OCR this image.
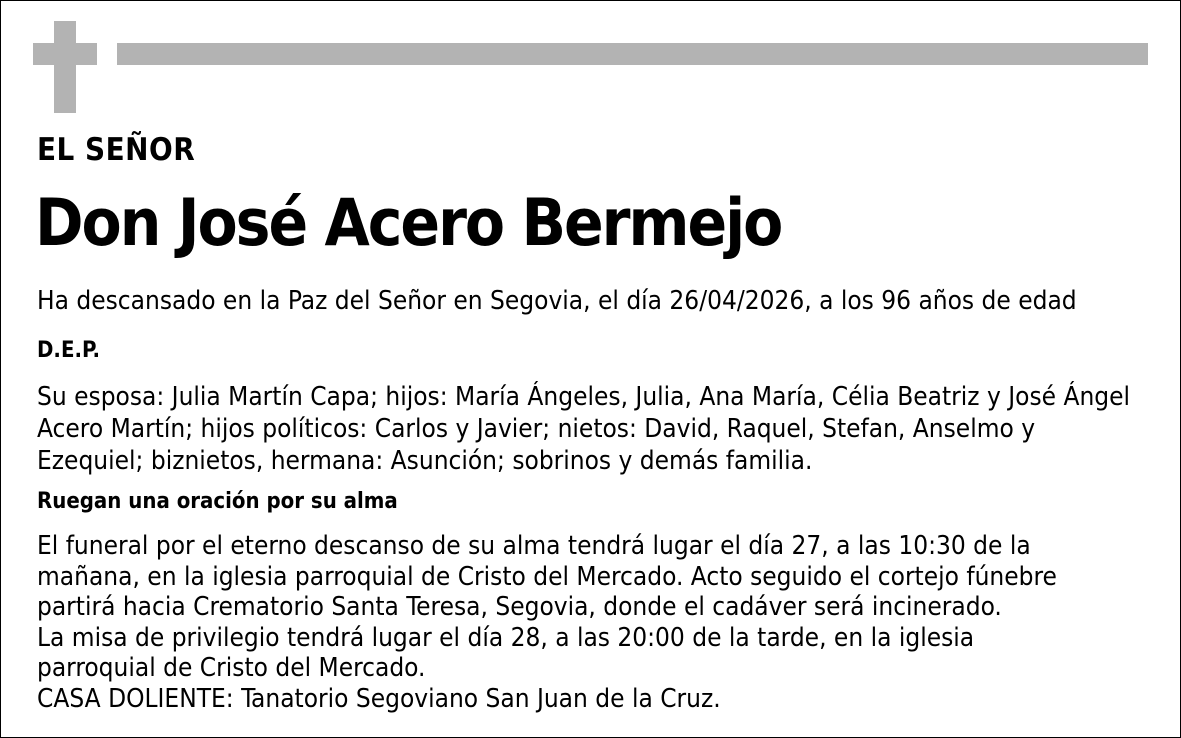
EL SEÑOR
Don José Acero Bermejo
Ha descansado en la Paz del Señor en Segovia, el día 26/04/2026, a los 96 años de edad
D.E.P.

Su esposa: Julia Martín Capa; hijos: María Ángeles, Julia, Ana María, Célia Beatriz y José Ángel Acero Martín; hijos políticos: Carlos y Javier; nietos: David, Raquel, Stefan, Anselmo y Ezequiel; biznietos, hermana: Asunción; sobrinos y demás familia.

Ruegan una oración por su alma
El funeral por el eterno descanso de su alma tendrá lugar el día 27, a las 10:30 de la
mañana, en la iglesia parroquial de Cristo del Mercado. Acto seguido el cortejo fúnebre
partirá hacia Crematorio Santa Teresa, Segovia, donde el cadáver será incinerado.
La misa de privilegio tendrá lugar el día 28, a las 20:00 de la tarde, en la iglesia
parroquial de Cristo del Mercado.
CASA DOLIENTE: Tanatorio Segoviano San Juan de la Cruz.
